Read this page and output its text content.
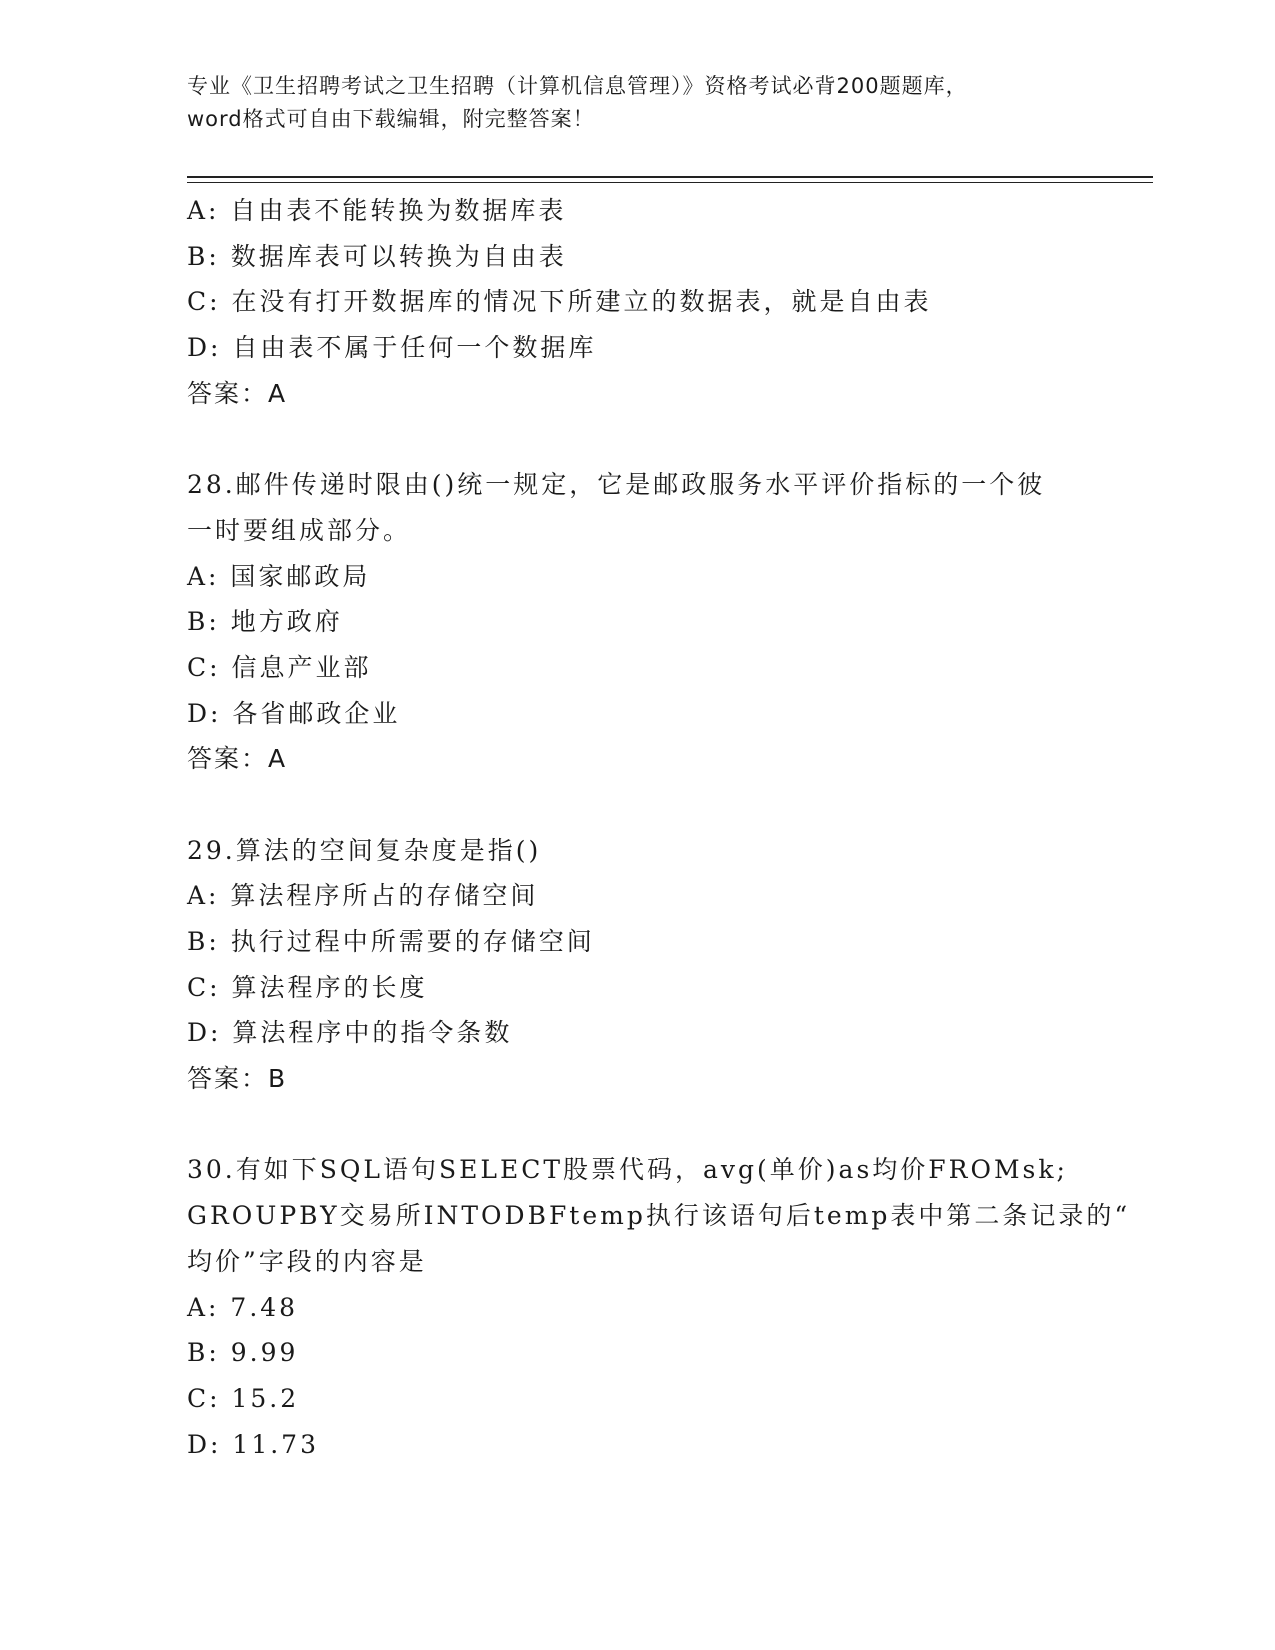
专业《卫生招聘考试之卫生招聘（计算机信息管理）》资格考试必背200题题库，
word格式可自由下载编辑，附完整答案！
A: 自由表不能转换为数据库表
B: 数据库表可以转换为自由表
C: 在没有打开数据库的情况下所建立的数据表，就是自由表
D: 自由表不属于任何一个数据库
答案：A
28.邮件传递时限由()统一规定，它是邮政服务水平评价指标的一个彼
一时要组成部分。
A: 国家邮政局
B: 地方政府
C: 信息产业部
D: 各省邮政企业
答案：A
29.算法的空间复杂度是指()
A: 算法程序所占的存储空间
B: 执行过程中所需要的存储空间
C: 算法程序的长度
D: 算法程序中的指令条数
答案：B
30.有如下SQL语句SELECT股票代码，avg(单价)as均价FROMsk;
GROUPBY交易所INTODBFtemp执行该语句后temp表中第二条记录的“
均价”字段的内容是
A: 7.48
B: 9.99
C: 15.2
D: 11.73
